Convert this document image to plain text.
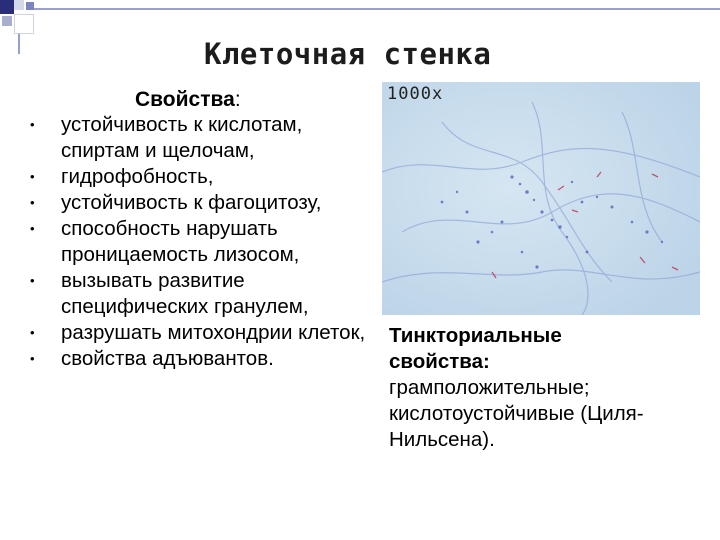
Клеточная стенка
Свойства:
• устойчивость к кислотам, спиртам и щелочам,
• гидрофобность,
• устойчивость к фагоцитозу,
• способность нарушать проницаемость лизосом,
• вызывать развитие специфических гранулем,
• разрушать митохондрии клеток,
• свойства адъювантов.
1000x
Тинкториальные
свойства:
грамположительные;
кислотоустойчивые (Циля-
Нильсена).
